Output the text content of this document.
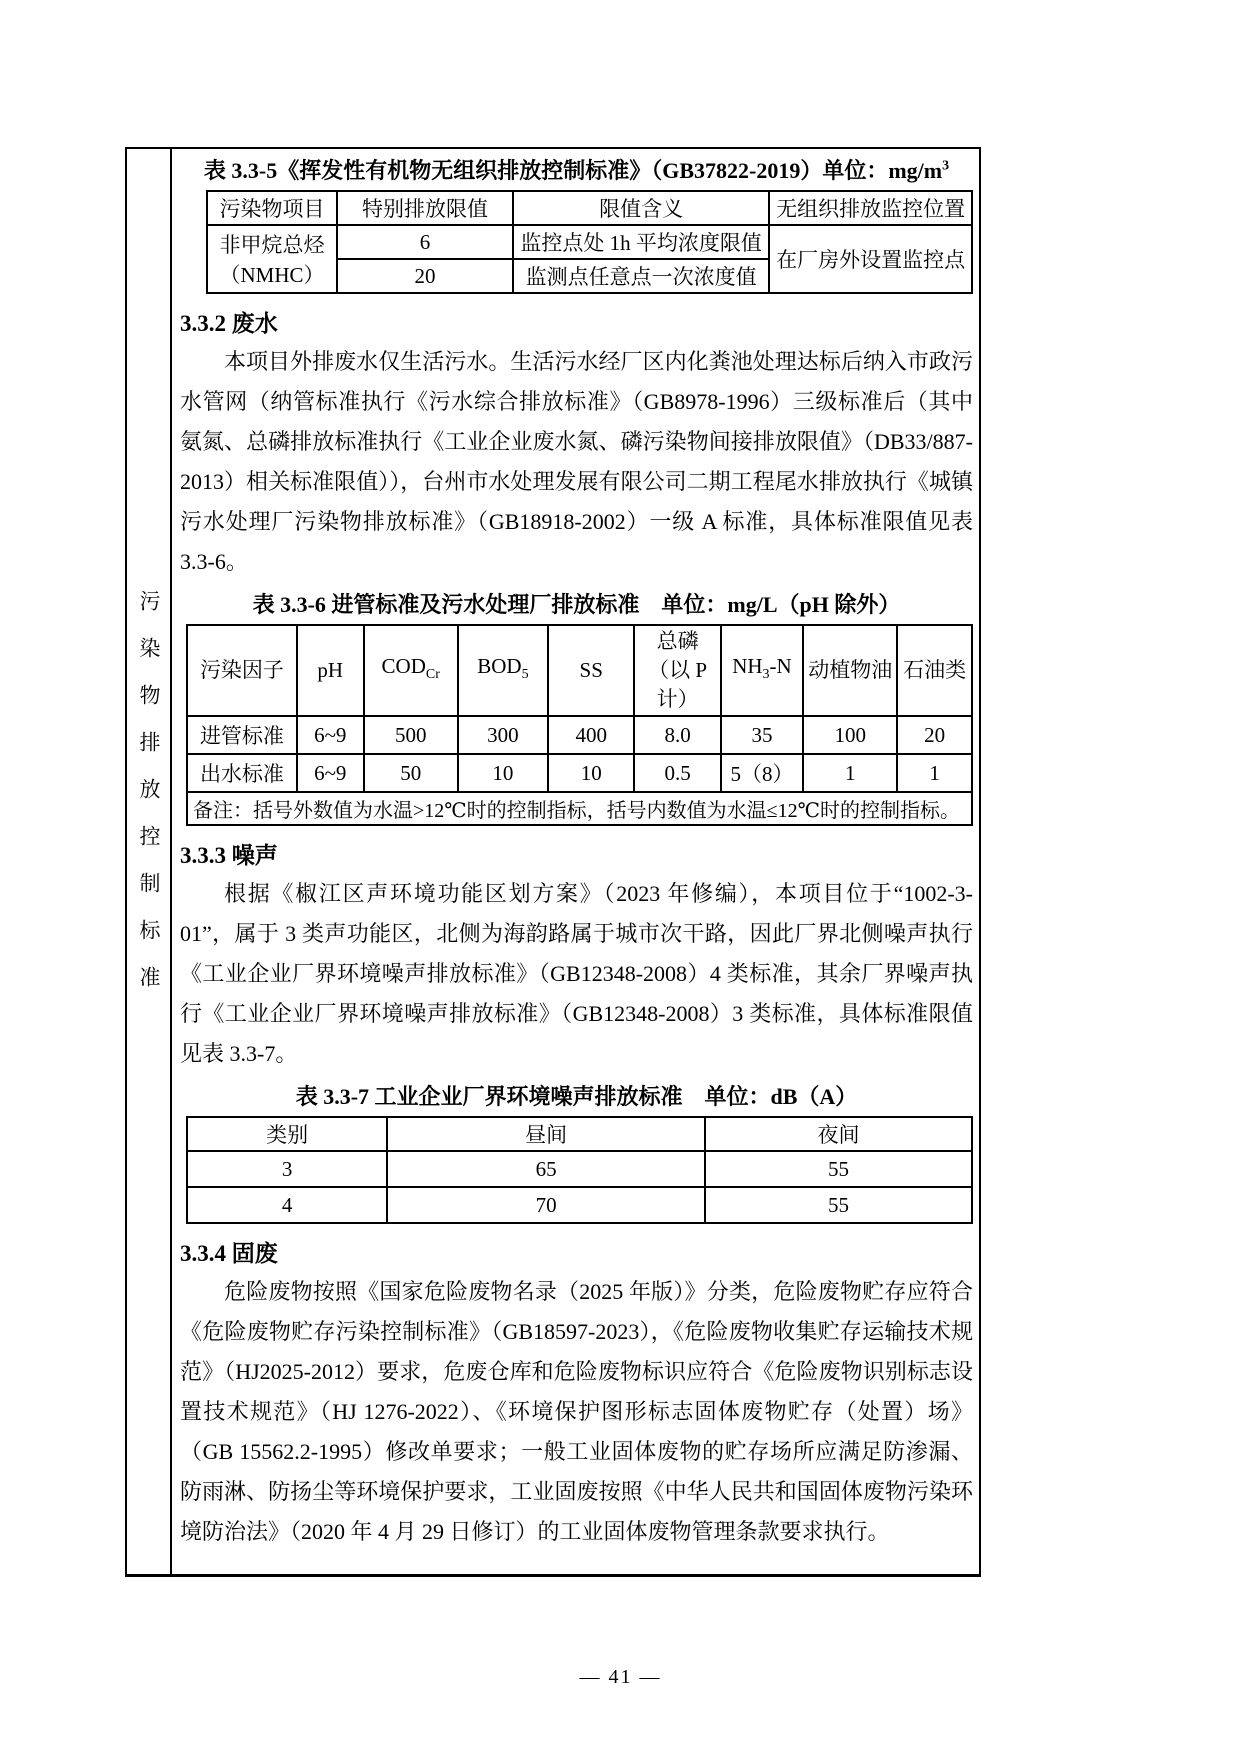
污染物排放控制标准
表 3.3-5《挥发性有机物无组织排放控制标准》（GB37822-2019）单位：$mg/m^3$
污染物项目	特别排放限值	限值含义	无组织排放监控位置

非甲烷总烃
（NMHC）	6	监控点处 1h 平均浓度限值	在厂房外设置监控点
	20	监测点任意点一次浓度值	
3.3.2 废水
本项目外排废水仅生活污水。生活污水经厂区内化粪池处理达标后纳入市政污水管网（纳管标准执行《污水综合排放标准》（GB8978-1996）三级标准后（其中氨氮、总磷排放标准执行《工业企业废水氮、磷污染物间接排放限值》（DB33/887-2013）相关标准限值）），台州市水处理发展有限公司二期工程尾水排放执行《城镇污水处理厂污染物排放标准》（GB18918-2002）一级 A 标准，具体标准限值见表 3.3-6。
表 3.3-6 进管标准及污水处理厂排放标准　单位：mg/L（pH 除外）
污染因子	pH	$COD_{Cr}$	$BOD_5$	SS	总磷（以 P 计）	$NH_3-N$	动植物油	石油类
进管标准	6~9	500	300	400	8.0	35	100	20
出水标准	6~9	50	10	10	0.5	5（8）	1	1
备注：括号外数值为水温>12℃时的控制指标，括号内数值为水温≤12℃时的控制指标。								
3.3.3 噪声
根据《椒江区声环境功能区划方案》（2023 年修编），本项目位于“1002-3-01”，属于 3 类声功能区，北侧为海韵路属于城市次干路，因此厂界北侧噪声执行《工业企业厂界环境噪声排放标准》（GB12348-2008）4 类标准，其余厂界噪声执行《工业企业厂界环境噪声排放标准》（GB12348-2008）3 类标准，具体标准限值见表 3.3-7。
表 3.3-7 工业企业厂界环境噪声排放标准　单位：dB（A）
类别	昼间	夜间
3	65	55
4	70	55
3.3.4 固废
危险废物按照《国家危险废物名录（2025 年版）》分类，危险废物贮存应符合《危险废物贮存污染控制标准》（GB18597-2023），《危险废物收集贮存运输技术规范》（HJ2025-2012）要求，危废仓库和危险废物标识应符合《危险废物识别标志设置技术规范》（HJ 1276-2022）、《环境保护图形标志固体废物贮存（处置）场》（GB 15562.2-1995）修改单要求；一般工业固体废物的贮存场所应满足防渗漏、防雨淋、防扬尘等环境保护要求，工业固废按照《中华人民共和国固体废物污染环境防治法》（2020 年 4 月 29 日修订）的工业固体废物管理条款要求执行。
— 41 —
